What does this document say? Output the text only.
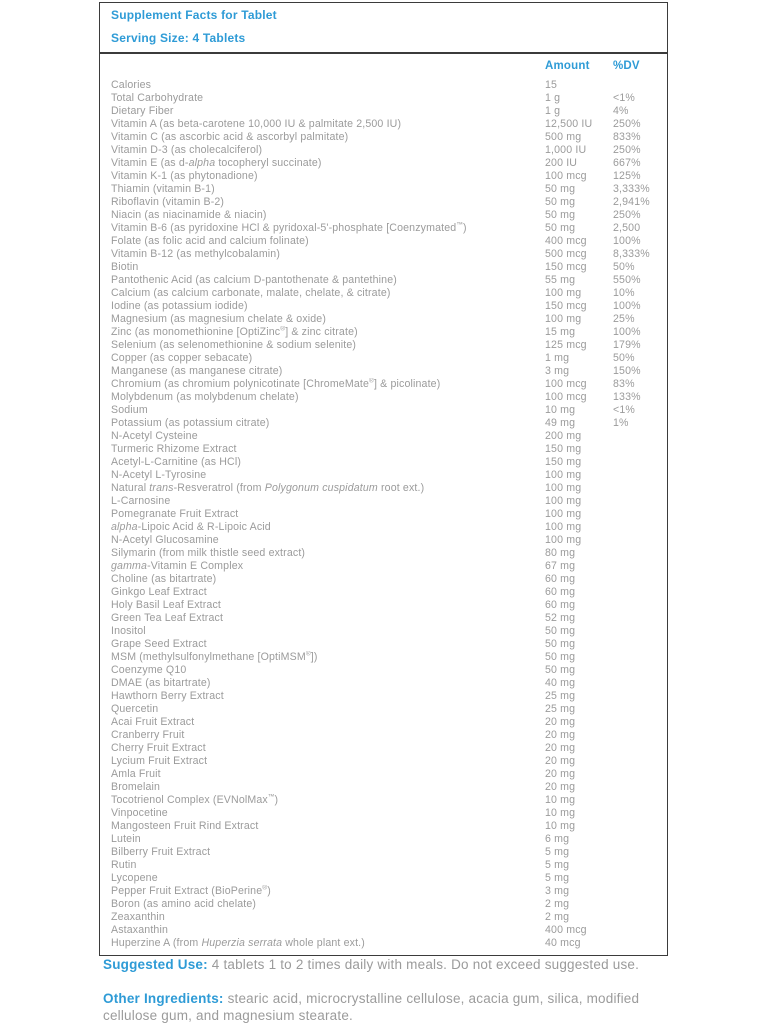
Supplement Facts for Tablet
Serving Size: 4 Tablets
Amount	%DV
Calories	15
Total Carbohydrate	1 g	<1%
Dietary Fiber	1 g	4%
Vitamin A (as beta-carotene 10,000 IU & palmitate 2,500 IU)	12,500 IU	250%
Vitamin C (as ascorbic acid & ascorbyl palmitate)	500 mg	833%
Vitamin D-3 (as cholecalciferol)	1,000 IU	250%
Vitamin E (as d-alpha tocopheryl succinate)	200 IU	667%
Vitamin K-1 (as phytonadione)	100 mcg	125%
Thiamin (vitamin B-1)	50 mg	3,333%
Riboflavin (vitamin B-2)	50 mg	2,941%
Niacin (as niacinamide & niacin)	50 mg	250%
Vitamin B-6 (as pyridoxine HCl & pyridoxal-5'-phosphate [Coenzymated™)	50 mg	2,500
Folate (as folic acid and calcium folinate)	400 mcg	100%
Vitamin B-12 (as methylcobalamin)	500 mcg	8,333%
Biotin	150 mcg	50%
Pantothenic Acid (as calcium D-pantothenate & pantethine)	55 mg	550%
Calcium (as calcium carbonate, malate, chelate, & citrate)	100 mg	10%
Iodine (as potassium iodide)	150 mcg	100%
Magnesium (as magnesium chelate & oxide)	100 mg	25%
Zinc (as monomethionine [OptiZinc®] & zinc citrate)	15 mg	100%
Selenium (as selenomethionine & sodium selenite)	125 mcg	179%
Copper (as copper sebacate)	1 mg	50%
Manganese (as manganese citrate)	3 mg	150%
Chromium (as chromium polynicotinate [ChromeMate®] & picolinate)	100 mcg	83%
Molybdenum (as molybdenum chelate)	100 mcg	133%
Sodium	10 mg	<1%
Potassium (as potassium citrate)	49 mg	1%
N-Acetyl Cysteine	200 mg
Turmeric Rhizome Extract	150 mg
Acetyl-L-Carnitine (as HCl)	150 mg
N-Acetyl L-Tyrosine	100 mg
Natural trans-Resveratrol (from Polygonum cuspidatum root ext.)	100 mg
L-Carnosine	100 mg
Pomegranate Fruit Extract	100 mg
alpha-Lipoic Acid & R-Lipoic Acid	100 mg
N-Acetyl Glucosamine	100 mg
Silymarin (from milk thistle seed extract)	80 mg
gamma-Vitamin E Complex	67 mg
Choline (as bitartrate)	60 mg
Ginkgo Leaf Extract	60 mg
Holy Basil Leaf Extract	60 mg
Green Tea Leaf Extract	52 mg
Inositol	50 mg
Grape Seed Extract	50 mg
MSM (methylsulfonylmethane [OptiMSM®])	50 mg
Coenzyme Q10	50 mg
DMAE (as bitartrate)	40 mg
Hawthorn Berry Extract	25 mg
Quercetin	25 mg
Acai Fruit Extract	20 mg
Cranberry Fruit	20 mg
Cherry Fruit Extract	20 mg
Lycium Fruit Extract	20 mg
Amla Fruit	20 mg
Bromelain	20 mg
Tocotrienol Complex (EVNolMax™)	10 mg
Vinpocetine	10 mg
Mangosteen Fruit Rind Extract	10 mg
Lutein	6 mg
Bilberry Fruit Extract	5 mg
Rutin	5 mg
Lycopene	5 mg
Pepper Fruit Extract (BioPerine®)	3 mg
Boron (as amino acid chelate)	2 mg
Zeaxanthin	2 mg
Astaxanthin	400 mcg
Huperzine A (from Huperzia serrata whole plant ext.)	40 mcg

Suggested Use: 4 tablets 1 to 2 times daily with meals. Do not exceed suggested use.

Other Ingredients: stearic acid, microcrystalline cellulose, acacia gum, silica, modified cellulose gum, and magnesium stearate.
